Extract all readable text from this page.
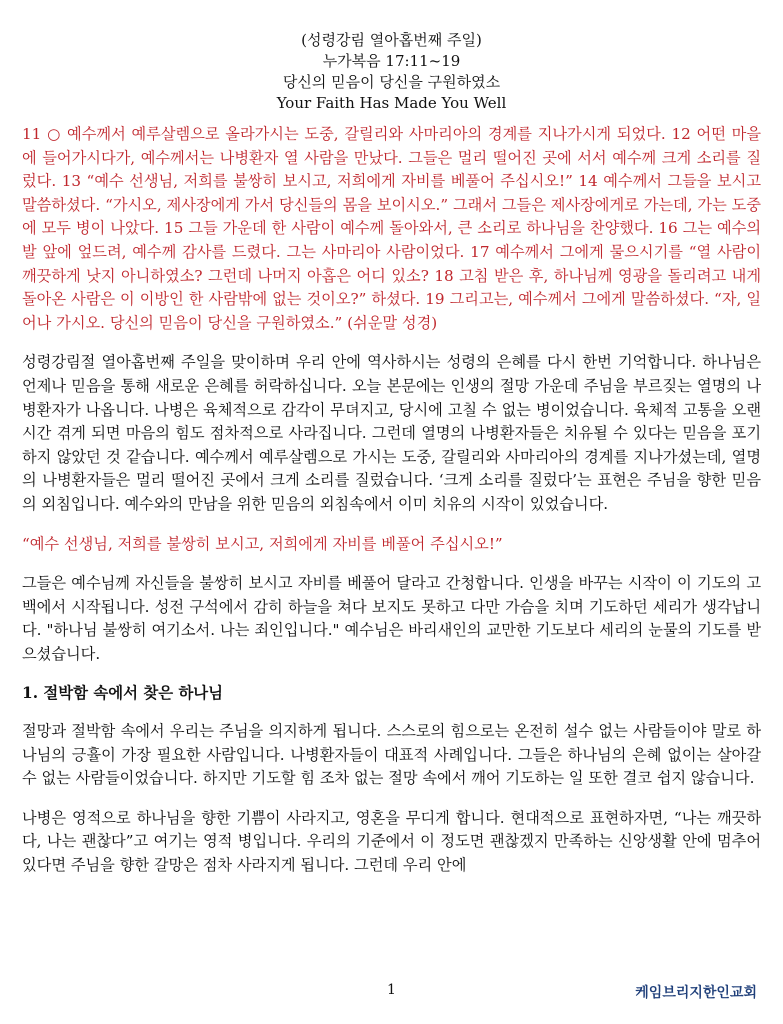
(성령강림 열아홉번째 주일)
누가복음 17:11~19
당신의 믿음이 당신을 구원하였소
Your Faith Has Made You Well

11 ○ 예수께서 예루살렘으로 올라가시는 도중, 갈릴리와 사마리아의 경계를 지나가시게 되었다. 12 어떤 마을에 들어가시다가, 예수께서는 나병환자 열 사람을 만났다. 그들은 멀리 떨어진 곳에 서서 예수께 크게 소리를 질렀다. 13 “예수 선생님, 저희를 불쌍히 보시고, 저희에게 자비를 베풀어 주십시오!” 14 예수께서 그들을 보시고 말씀하셨다. “가시오, 제사장에게 가서 당신들의 몸을 보이시오.” 그래서 그들은 제사장에게로 가는데, 가는 도중에 모두 병이 나았다. 15 그들 가운데 한 사람이 예수께 돌아와서, 큰 소리로 하나님을 찬양했다. 16 그는 예수의 발 앞에 엎드려, 예수께 감사를 드렸다. 그는 사마리아 사람이었다. 17 예수께서 그에게 물으시기를 “열 사람이 깨끗하게 낫지 아니하였소? 그런데 나머지 아홉은 어디 있소? 18 고침 받은 후, 하나님께 영광을 돌리려고 내게 돌아온 사람은 이 이방인 한 사람밖에 없는 것이오?” 하셨다. 19 그리고는, 예수께서 그에게 말씀하셨다. “자, 일어나 가시오. 당신의 믿음이 당신을 구원하였소.” (쉬운말 성경)

성령강림절 열아홉번째 주일을 맞이하며 우리 안에 역사하시는 성령의 은혜를 다시 한번 기억합니다. 하나님은 언제나 믿음을 통해 새로운 은혜를 허락하십니다. 오늘 본문에는 인생의 절망 가운데 주님을 부르짖는 열명의 나병환자가 나옵니다. 나병은 육체적으로 감각이 무뎌지고, 당시에 고칠 수 없는 병이었습니다. 육체적 고통을 오랜 시간 겪게 되면 마음의 힘도 점차적으로 사라집니다. 그런데 열명의 나병환자들은 치유될 수 있다는 믿음을 포기하지 않았던 것 같습니다. 예수께서 예루살렘으로 가시는 도중, 갈릴리와 사마리아의 경계를 지나가셨는데, 열명의 나병환자들은 멀리 떨어진 곳에서 크게 소리를 질렀습니다. ‘크게 소리를 질렀다’는 표현은 주님을 향한 믿음의 외침입니다. 예수와의 만남을 위한 믿음의 외침속에서 이미 치유의 시작이 있었습니다.

“예수 선생님, 저희를 불쌍히 보시고, 저희에게 자비를 베풀어 주십시오!”

그들은 예수님께 자신들을 불쌍히 보시고 자비를 베풀어 달라고 간청합니다. 인생을 바꾸는 시작이 이 기도의 고백에서 시작됩니다. 성전 구석에서 감히 하늘을 쳐다 보지도 못하고 다만 가슴을 치며 기도하던 세리가 생각납니다. "하나님 불쌍히 여기소서. 나는 죄인입니다." 예수님은 바리새인의 교만한 기도보다 세리의 눈물의 기도를 받으셨습니다.

1. 절박함 속에서 찾은 하나님

절망과 절박함 속에서 우리는 주님을 의지하게 됩니다. 스스로의 힘으로는 온전히 설수 없는 사람들이야 말로 하나님의 긍휼이 가장 필요한 사람입니다. 나병환자들이 대표적 사례입니다. 그들은 하나님의 은혜 없이는 살아갈 수 없는 사람들이었습니다. 하지만 기도할 힘 조차 없는 절망 속에서 깨어 기도하는 일 또한 결코 쉽지 않습니다.

나병은 영적으로 하나님을 향한 기쁨이 사라지고, 영혼을 무디게 합니다. 현대적으로 표현하자면, “나는 깨끗하다, 나는 괜찮다”고 여기는 영적 병입니다. 우리의 기준에서 이 정도면 괜찮겠지 만족하는 신앙생활 안에 멈추어 있다면 주님을 향한 갈망은 점차 사라지게 됩니다. 그런데 우리 안에

1	케임브리지한인교회
